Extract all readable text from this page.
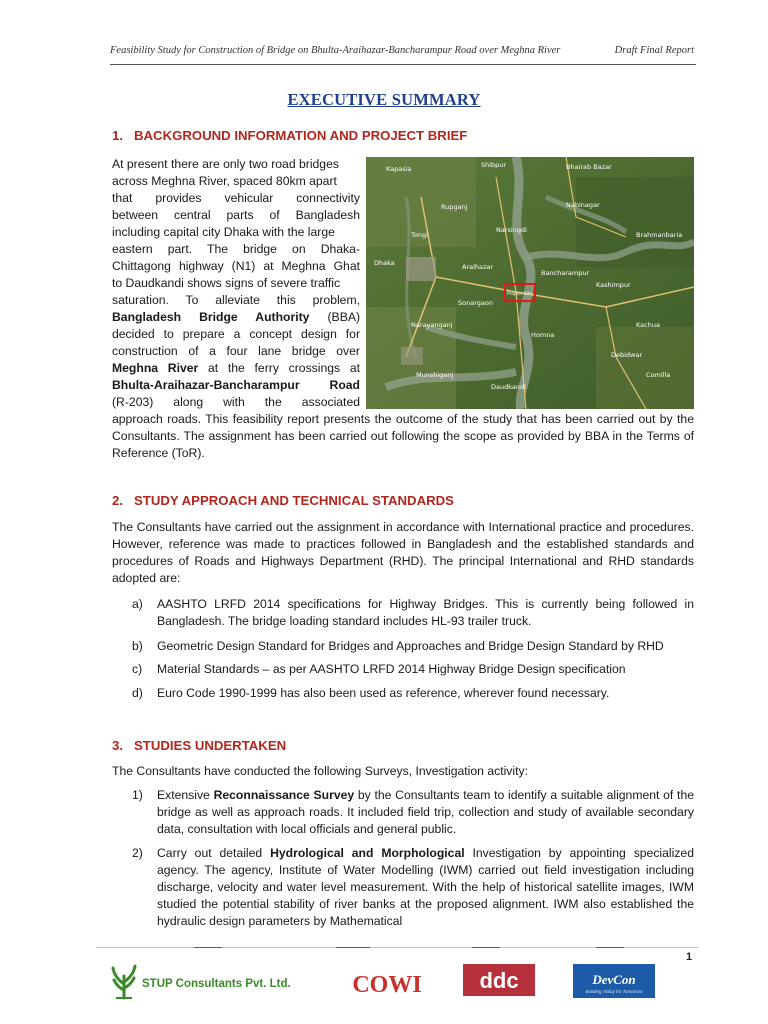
Feasibility Study for Construction of Bridge on Bhulta-Araihazar-Bancharampur Road over Meghna River	Draft Final Report
EXECUTIVE SUMMARY
1. BACKGROUND INFORMATION AND PROJECT BRIEF
At present there are only two road bridges
across Meghna River, spaced 80km apart
that provides vehicular connectivity
between central parts of Bangladesh
including capital city Dhaka with the large
eastern part. The bridge on Dhaka-
Chittagong highway (N1) at Meghna Ghat
to Daudkandi shows signs of severe traffic
saturation. To alleviate this problem,
Bangladesh Bridge Authority (BBA)
decided to prepare a concept design for
construction of a four lane bridge over
Meghna River at the ferry crossings at
Bhulta-Araihazar-Bancharampur Road
(R-203) along with the associated
approach roads. This feasibility report presents the outcome of the study that has been carried out by the Consultants. The assignment has been carried out following the scope as provided by BBA in the Terms of Reference (ToR).
Shibpur	Bhairab Bazar
Kapasia
Brahmanbaria
Tongi
Narsingdi
Dhaka	Araihazar
Sonargaon
Bancharampur
Narayanganj
Daudkandi
Munshiganj	Comilla
Debidwar
Homna
Nabinagar
Rupganj
Kashimpur
Kachua
Project Site
2. STUDY APPROACH AND TECHNICAL STANDARDS
The Consultants have carried out the assignment in accordance with International practice and procedures. However, reference was made to practices followed in Bangladesh and the established standards and procedures of Roads and Highways Department (RHD). The principal International and RHD standards adopted are:
a) AASHTO LRFD 2014 specifications for Highway Bridges. This is currently being followed in Bangladesh. The bridge loading standard includes HL-93 trailer truck.
b) Geometric Design Standard for Bridges and Approaches and Bridge Design Standard by RHD
c) Material Standards – as per AASHTO LRFD 2014 Highway Bridge Design specification
d) Euro Code 1990-1999 has also been used as reference, wherever found necessary.
3. STUDIES UNDERTAKEN
The Consultants have conducted the following Surveys, Investigation activity:
1) Extensive Reconnaissance Survey by the Consultants team to identify a suitable alignment of the bridge as well as approach roads. It included field trip, collection and study of available secondary data, consultation with local officials and general public.
2) Carry out detailed Hydrological and Morphological Investigation by appointing specialized agency. The agency, Institute of Water Modelling (IWM) carried out field investigation including discharge, velocity and water level measurement. With the help of historical satellite images, IWM studied the potential stability of river banks at the proposed alignment. IWM also established the hydraulic design parameters by Mathematical
1
STUP Consultants Pvt. Ltd.	COWI	ddc	DevCon
Building Today for Tomorrow
